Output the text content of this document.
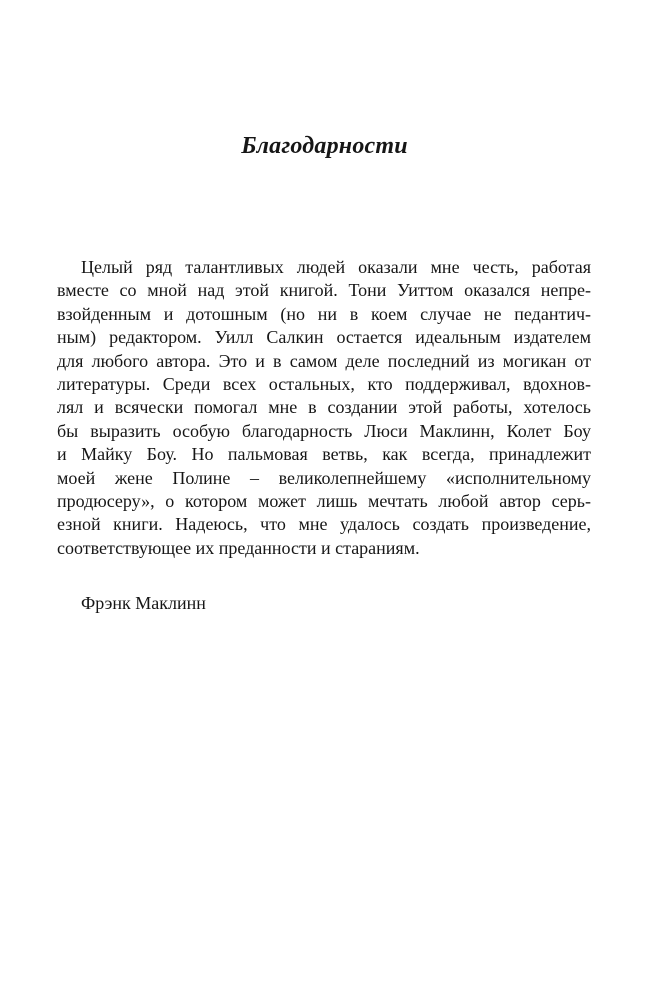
Благодарности
Целый ряд талантливых людей оказали мне честь, работая
вместе со мной над этой книгой. Тони Уиттом оказался непре-
взойденным и дотошным (но ни в коем случае не педантич-
ным) редактором. Уилл Салкин остается идеальным издателем
для любого автора. Это и в самом деле последний из могикан от
литературы. Среди всех остальных, кто поддерживал, вдохнов-
лял и всячески помогал мне в создании этой работы, хотелось
бы выразить особую благодарность Люси Маклинн, Колет Боу
и Майку Боу. Но пальмовая ветвь, как всегда, принадлежит
моей жене Полине – великолепнейшему «исполнительному
продюсеру», о котором может лишь мечтать любой автор серь-
езной книги. Надеюсь, что мне удалось создать произведение,
соответствующее их преданности и стараниям.

Фрэнк Маклинн
